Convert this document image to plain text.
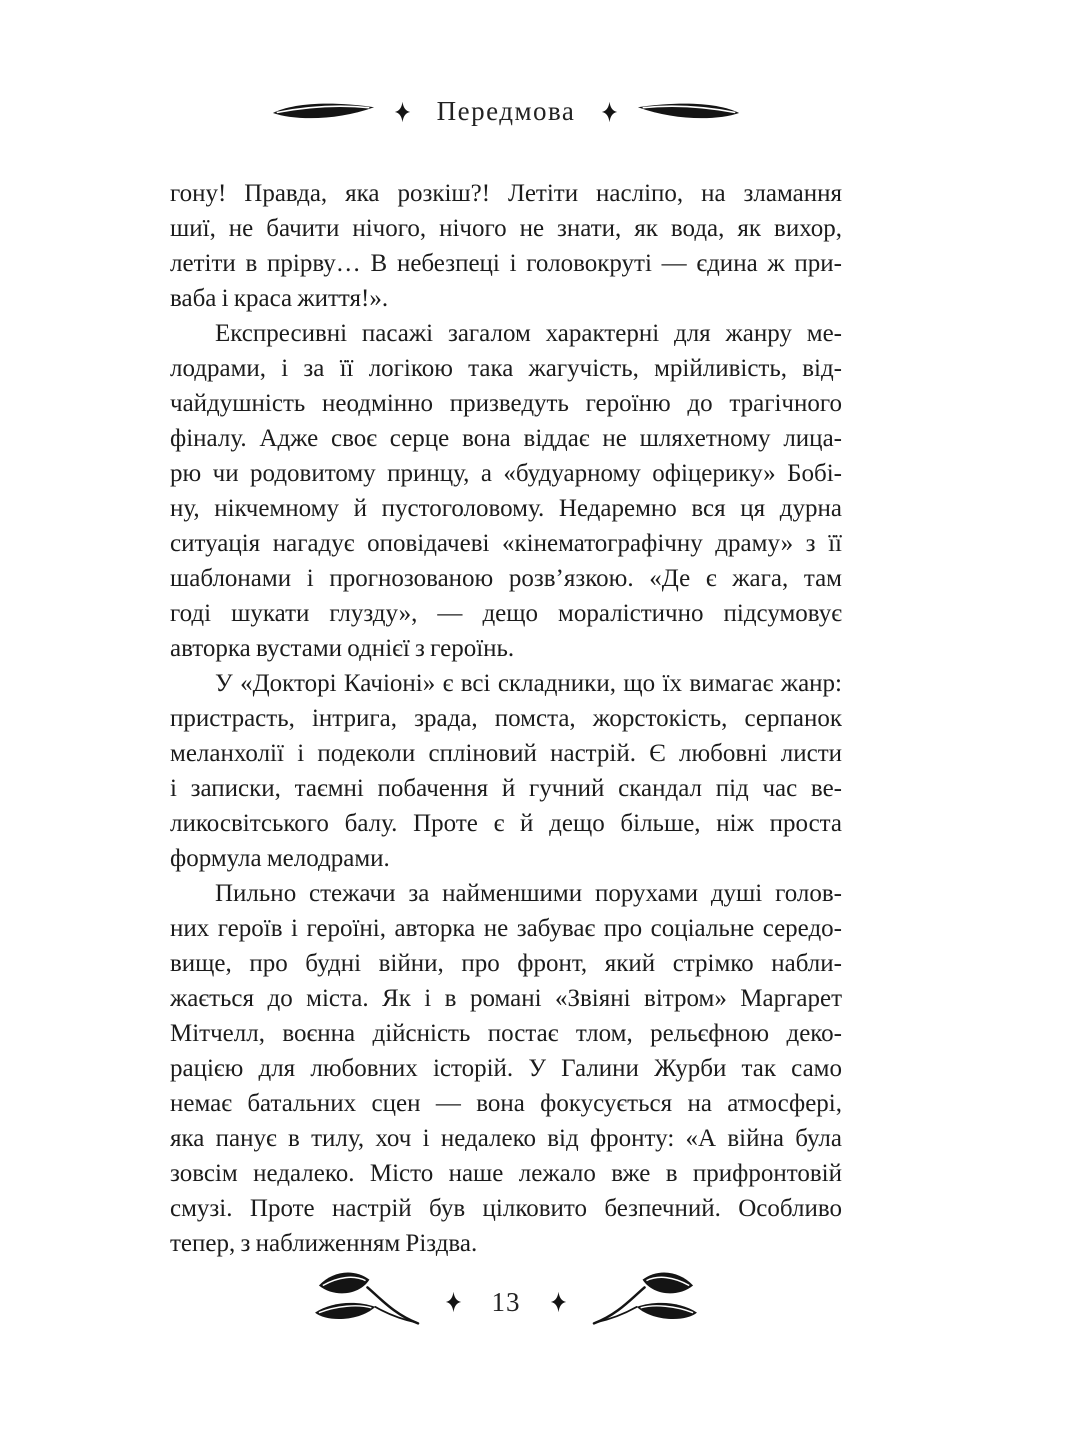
Передмова
гону! Правда, яка розкіш?! Летіти насліпо, на зламання
шиї, не бачити нічого, нічого не знати, як вода, як вихор,
летіти в прірву… В небезпеці і головокруті — єдина ж при-
ваба і краса життя!».
Експресивні пасажі загалом характерні для жанру ме-
лодрами, і за її логікою така жагучість, мрійливість, від-
чайдушність неодмінно призведуть героїню до трагічного
фіналу. Адже своє серце вона віддає не шляхетному лица-
рю чи родовитому принцу, а «будуарному офіцерику» Бобі-
ну, нікчемному й пустоголовому. Недаремно вся ця дурна
ситуація нагадує оповідачеві «кінематографічну драму» з її
шаблонами і прогнозованою розв’язкою. «Де є жага, там
годі шукати глузду», — дещо моралістично підсумовує
авторка вустами однієї з героїнь.
У «Докторі Качіоні» є всі складники, що їх вимагає жанр:
пристрасть, інтрига, зрада, помста, жорстокість, серпанок
меланхолії і подеколи спліновий настрій. Є любовні листи
і записки, таємні побачення й гучний скандал під час ве-
ликосвітського балу. Проте є й дещо більше, ніж проста
формула мелодрами.
Пильно стежачи за найменшими порухами душі голов-
них героїв і героїні, авторка не забуває про соціальне середо-
вище, про будні війни, про фронт, який стрімко набли-
жається до міста. Як і в романі «Звіяні вітром» Маргарет
Мітчелл, воєнна дійсність постає тлом, рельєфною деко-
рацією для любовних історій. У Галини Журби так само
немає батальних сцен — вона фокусується на атмосфері,
яка панує в тилу, хоч і недалеко від фронту: «А війна була
зовсім недалеко. Місто наше лежало вже в прифронтовій
смузі. Проте настрій був цілковито безпечний. Особливо
тепер, з наближенням Різдва.
13
